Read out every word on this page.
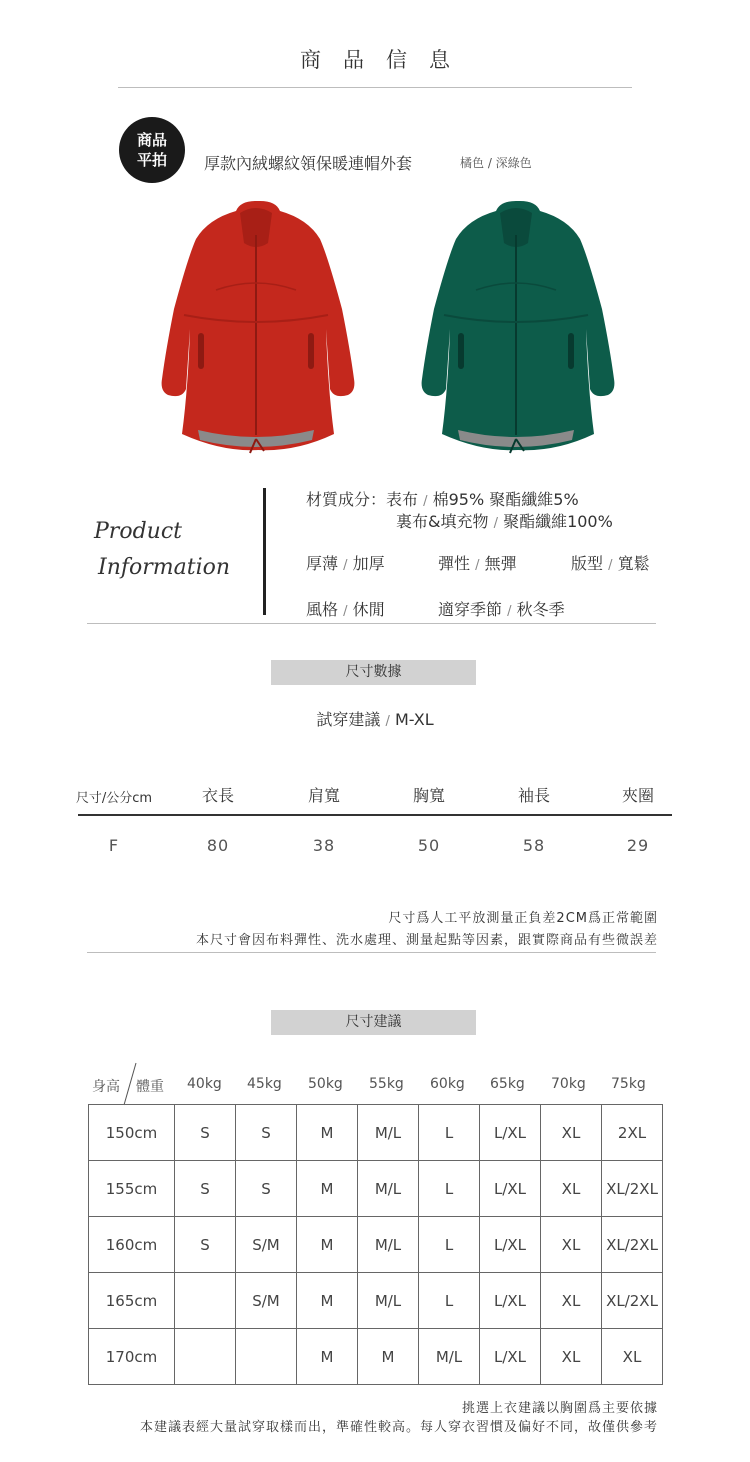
商品信息
商品
平拍	厚款內絨螺紋領保暖連帽外套	橘色 / 深綠色
Product
Information
材質成分：表布 / 棉95% 聚酯纖維5%
裏布&填充物 / 聚酯纖維100%
厚薄 / 加厚	彈性 / 無彈	版型 / 寬鬆
風格 / 休閒	適穿季節 / 秋冬季
尺寸數據
試穿建議 / M-XL
尺寸/公分cm	衣長	肩寬	胸寬	袖長	夾圈
F	80	38	50	58	29
尺寸爲人工平放測量正負差2CM爲正常範圍
本尺寸會因布料彈性、洗水處理、測量起點等因素，跟實際商品有些微誤差
尺寸建議
身高 體重 40kg 45kg 50kg 55kg 60kg 65kg 70kg 75kg
150cm	S	S	M	M/L	L	L/XL	XL	2XL
155cm	S	S	M	M/L	L	L/XL	XL	XL/2XL
160cm	S	S/M	M	M/L	L	L/XL	XL	XL/2XL
165cm		S/M	M	M/L	L	L/XL	XL	XL/2XL
170cm			M	M	M/L	L/XL	XL	XL
挑選上衣建議以胸圍爲主要依據
本建議表經大量試穿取樣而出，準確性較高。每人穿衣習慣及偏好不同，故僅供參考
